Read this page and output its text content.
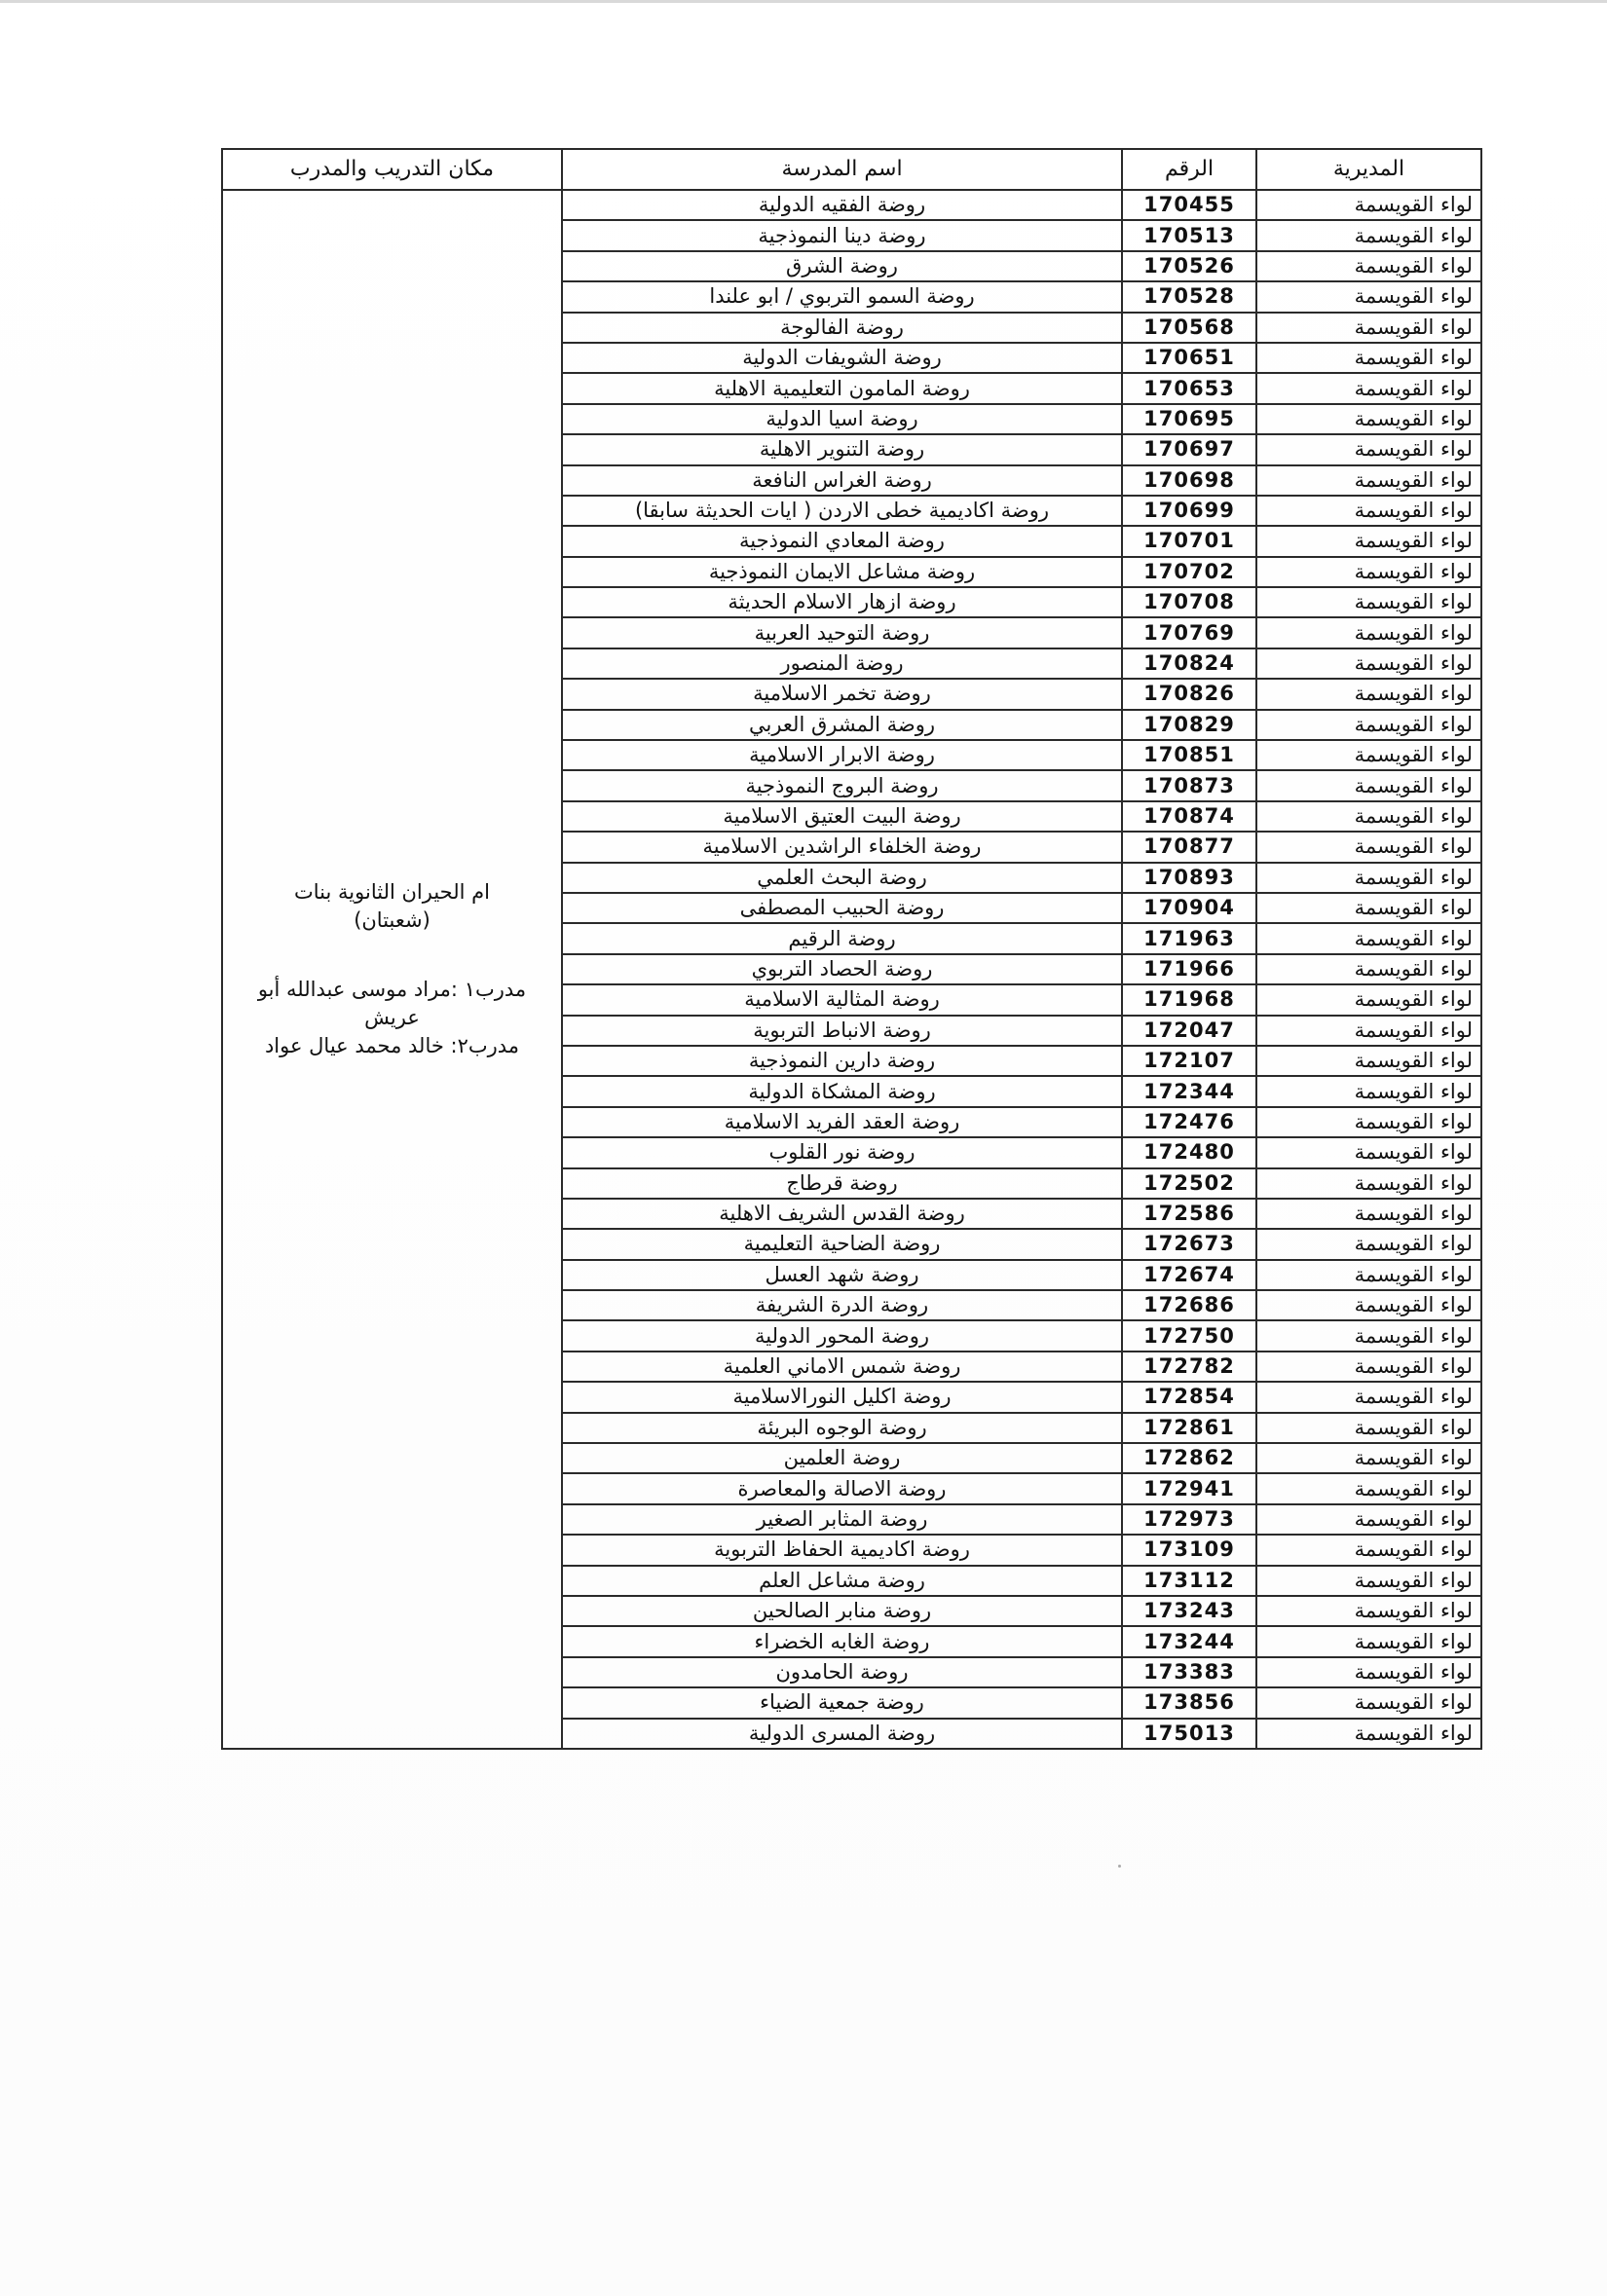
المديرية	الرقم	اسم المدرسة	مكان التدريب والمدرب
لواء القويسمة	170455	روضة الفقيه الدولية	ام الحيران الثانوية بنات
(شعبتان)
مدرب١ :مراد موسى عبدالله أبو
عريش
مدرب٢: خالد محمد عيال عواد

لواء القويسمة	170513	روضة دينا النموذجية	
لواء القويسمة	170526	روضة الشرق	
لواء القويسمة	170528	روضة السمو التربوي / ابو علندا	
لواء القويسمة	170568	روضة الفالوجة	
لواء القويسمة	170651	روضة الشويفات الدولية	
لواء القويسمة	170653	روضة المامون التعليمية الاهلية	
لواء القويسمة	170695	روضة اسيا الدولية	
لواء القويسمة	170697	روضة التنوير الاهلية	
لواء القويسمة	170698	روضة الغراس النافعة	
لواء القويسمة	170699	روضة اكاديمية خطى الاردن ( ايات الحديثة سابقا)	
لواء القويسمة	170701	روضة المعادي النموذجية	
لواء القويسمة	170702	روضة مشاعل الايمان النموذجية	
لواء القويسمة	170708	روضة ازهار الاسلام الحديثة	
لواء القويسمة	170769	روضة التوحيد العربية	
لواء القويسمة	170824	روضة المنصور	
لواء القويسمة	170826	روضة تخمر الاسلامية	
لواء القويسمة	170829	روضة المشرق العربي	
لواء القويسمة	170851	روضة الابرار الاسلامية	
لواء القويسمة	170873	روضة البروج النموذجية	
لواء القويسمة	170874	روضة البيت العتيق الاسلامية	
لواء القويسمة	170877	روضة الخلفاء الراشدين الاسلامية	
لواء القويسمة	170893	روضة البحث العلمي	
لواء القويسمة	170904	روضة الحبيب المصطفى	
لواء القويسمة	171963	روضة الرقيم	
لواء القويسمة	171966	روضة الحصاد التربوي	
لواء القويسمة	171968	روضة المثالية الاسلامية	
لواء القويسمة	172047	روضة الانباط التربوية	
لواء القويسمة	172107	روضة دارين النموذجية	
لواء القويسمة	172344	روضة المشكاة الدولية	
لواء القويسمة	172476	روضة العقد الفريد الاسلامية	
لواء القويسمة	172480	روضة نور القلوب	
لواء القويسمة	172502	روضة قرطاج	
لواء القويسمة	172586	روضة القدس الشريف الاهلية	
لواء القويسمة	172673	روضة الضاحية التعليمية	
لواء القويسمة	172674	روضة شهد العسل	
لواء القويسمة	172686	روضة الدرة الشريفة	
لواء القويسمة	172750	روضة المحور الدولية	
لواء القويسمة	172782	روضة شمس الاماني العلمية	
لواء القويسمة	172854	روضة اكليل النورالاسلامية	
لواء القويسمة	172861	روضة الوجوه البريئة	
لواء القويسمة	172862	روضة العلمين	
لواء القويسمة	172941	روضة الاصالة والمعاصرة	
لواء القويسمة	172973	روضة المثابر الصغير	
لواء القويسمة	173109	روضة اكاديمية الحفاظ التربوية	
لواء القويسمة	173112	روضة مشاعل العلم	
لواء القويسمة	173243	روضة منابر الصالحين	
لواء القويسمة	173244	روضة الغابه الخضراء	
لواء القويسمة	173383	روضة الحامدون	
لواء القويسمة	173856	روضة جمعية الضياء	
لواء القويسمة	175013	روضة المسرى الدولية	
